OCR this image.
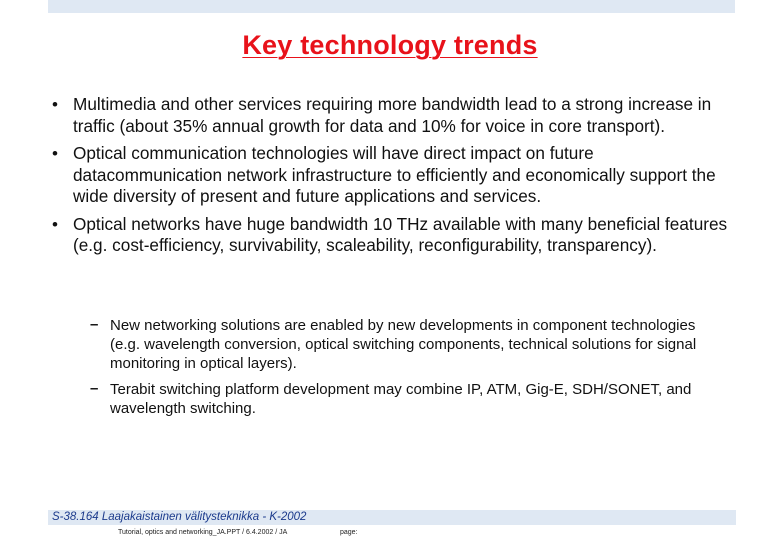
Key technology trends
• Multimedia and other services requiring more bandwidth lead to a strong increase in traffic (about 35% annual growth for data and 10% for voice in core transport).
• Optical communication technologies will have direct impact on future datacommunication network infrastructure to efficiently and economically support the wide diversity of present and future applications and services.
• Optical networks have huge bandwidth 10 THz available with many beneficial features (e.g. cost-efficiency, survivability, scaleability, reconfigurability, transparency).
– New networking solutions are enabled by new developments in component technologies (e.g. wavelength conversion, optical switching components, technical solutions for signal monitoring in optical layers).
– Terabit switching platform development may combine IP, ATM, Gig-E, SDH/SONET, and wavelength switching.
S-38.164 Laajakaistainen välitysteknikka - K-2002
Tutorial, optics and networking_JA.PPT / 6.4.2002 / JA	page:
